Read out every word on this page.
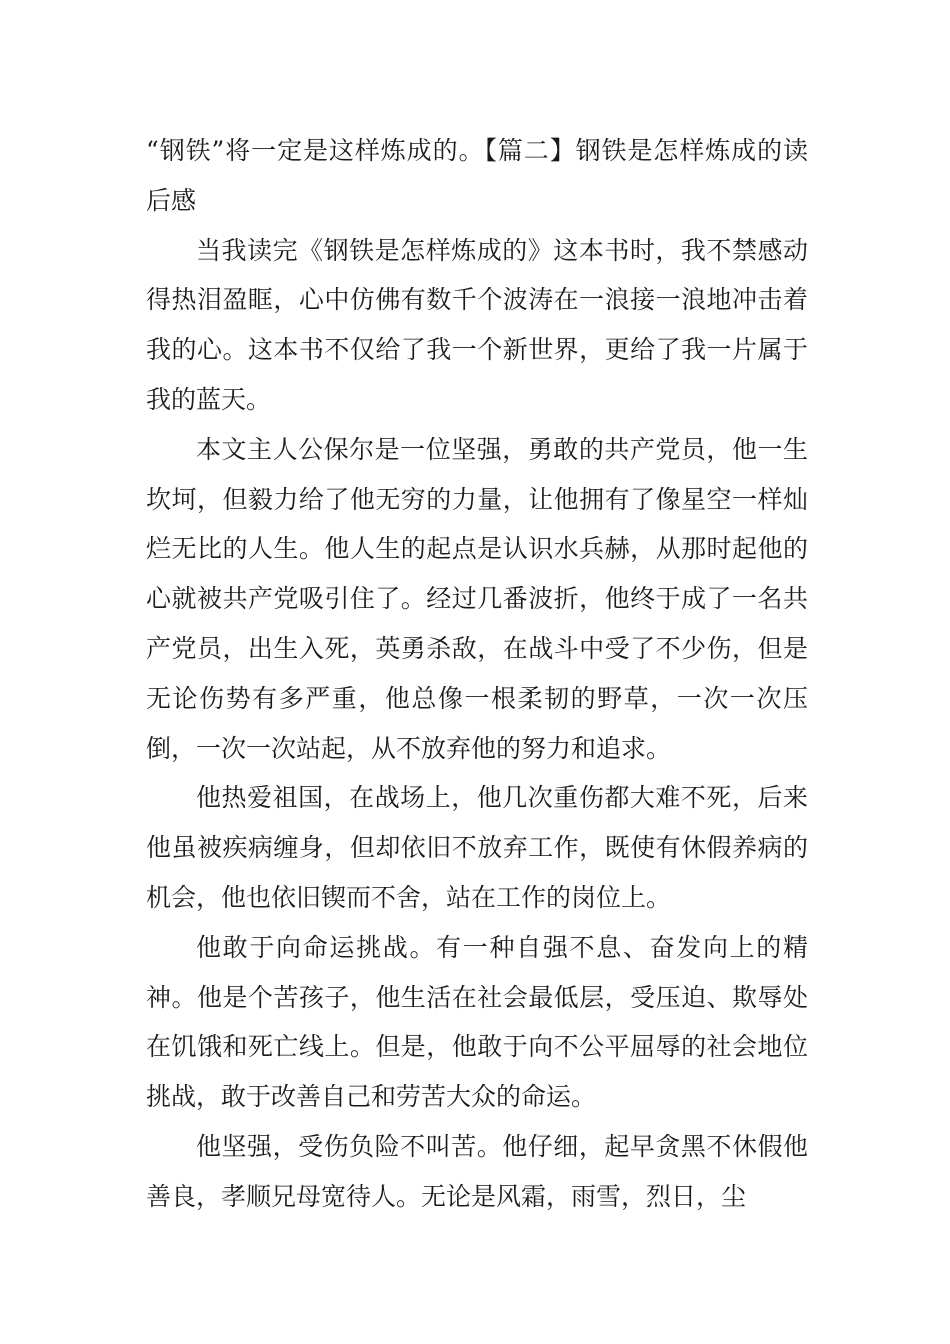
“钢铁”将一定是这样炼成的。【篇二】钢铁是怎样炼成的读后感

当我读完《钢铁是怎样炼成的》这本书时，我不禁感动得热泪盈眶，心中仿佛有数千个波涛在一浪接一浪地冲击着我的心。这本书不仅给了我一个新世界，更给了我一片属于我的蓝天。

本文主人公保尔是一位坚强，勇敢的共产党员，他一生坎坷，但毅力给了他无穷的力量，让他拥有了像星空一样灿烂无比的人生。他人生的起点是认识水兵赫，从那时起他的心就被共产党吸引住了。经过几番波折，他终于成了一名共产党员，出生入死，英勇杀敌，在战斗中受了不少伤，但是无论伤势有多严重，他总像一根柔韧的野草，一次一次压倒，一次一次站起，从不放弃他的努力和追求。

他热爱祖国，在战场上，他几次重伤都大难不死，后来他虽被疾病缠身，但却依旧不放弃工作，既使有休假养病的机会，他也依旧锲而不舍，站在工作的岗位上。

他敢于向命运挑战。有一种自强不息、奋发向上的精神。他是个苦孩子，他生活在社会最低层，受压迫、欺辱处在饥饿和死亡线上。但是，他敢于向不公平屈辱的社会地位挑战，敢于改善自己和劳苦大众的命运。

他坚强，受伤负险不叫苦。他仔细，起早贪黑不休假他善良，孝顺兄母宽待人。无论是风霜，雨雪，烈日，尘
